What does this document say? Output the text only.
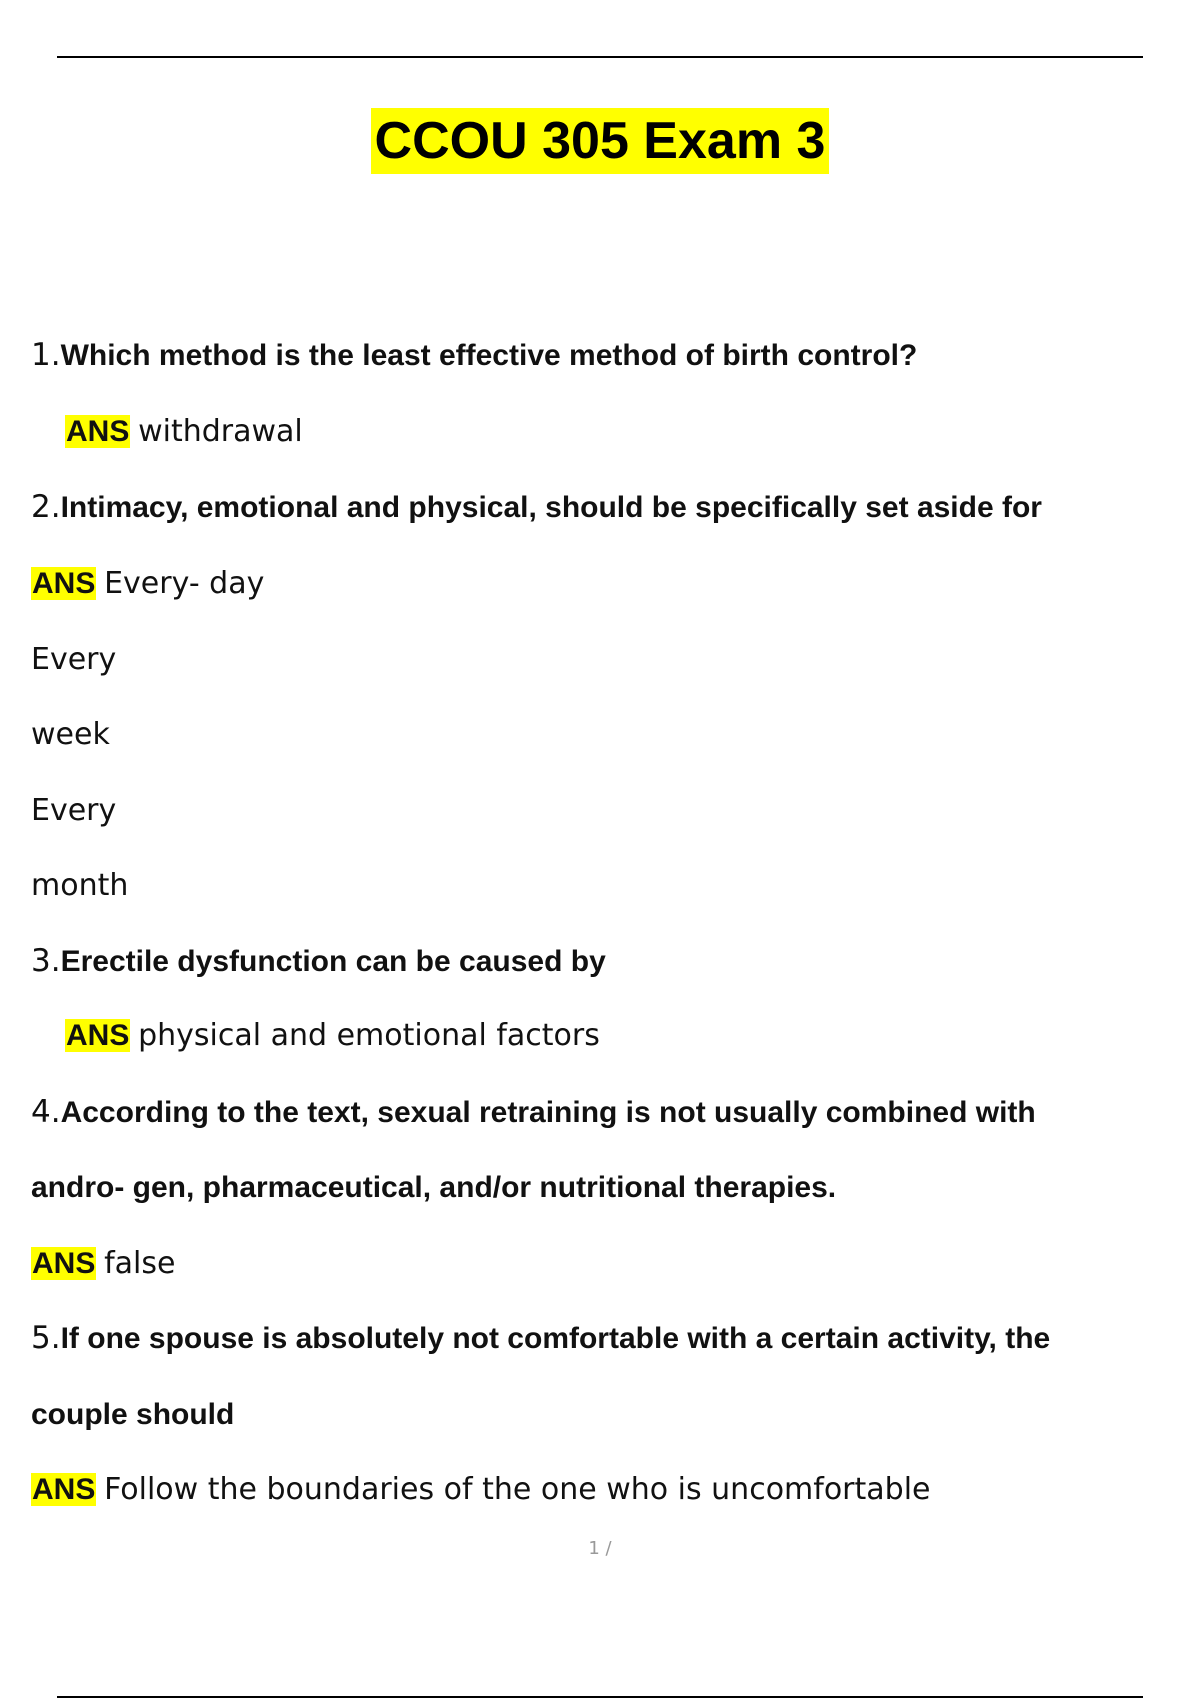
CCOU 305 Exam 3
1.Which method is the least effective method of birth control?
ANS withdrawal
2.Intimacy, emotional and physical, should be specifically set aside for
ANS Every- day
Every
week
Every
month
3.Erectile dysfunction can be caused by
ANS physical and emotional factors
4.According to the text, sexual retraining is not usually combined with
andro- gen, pharmaceutical, and/or nutritional therapies.
ANS false
5.If one spouse is absolutely not comfortable with a certain activity, the
couple should
ANS Follow the boundaries of the one who is uncomfortable
1 /
